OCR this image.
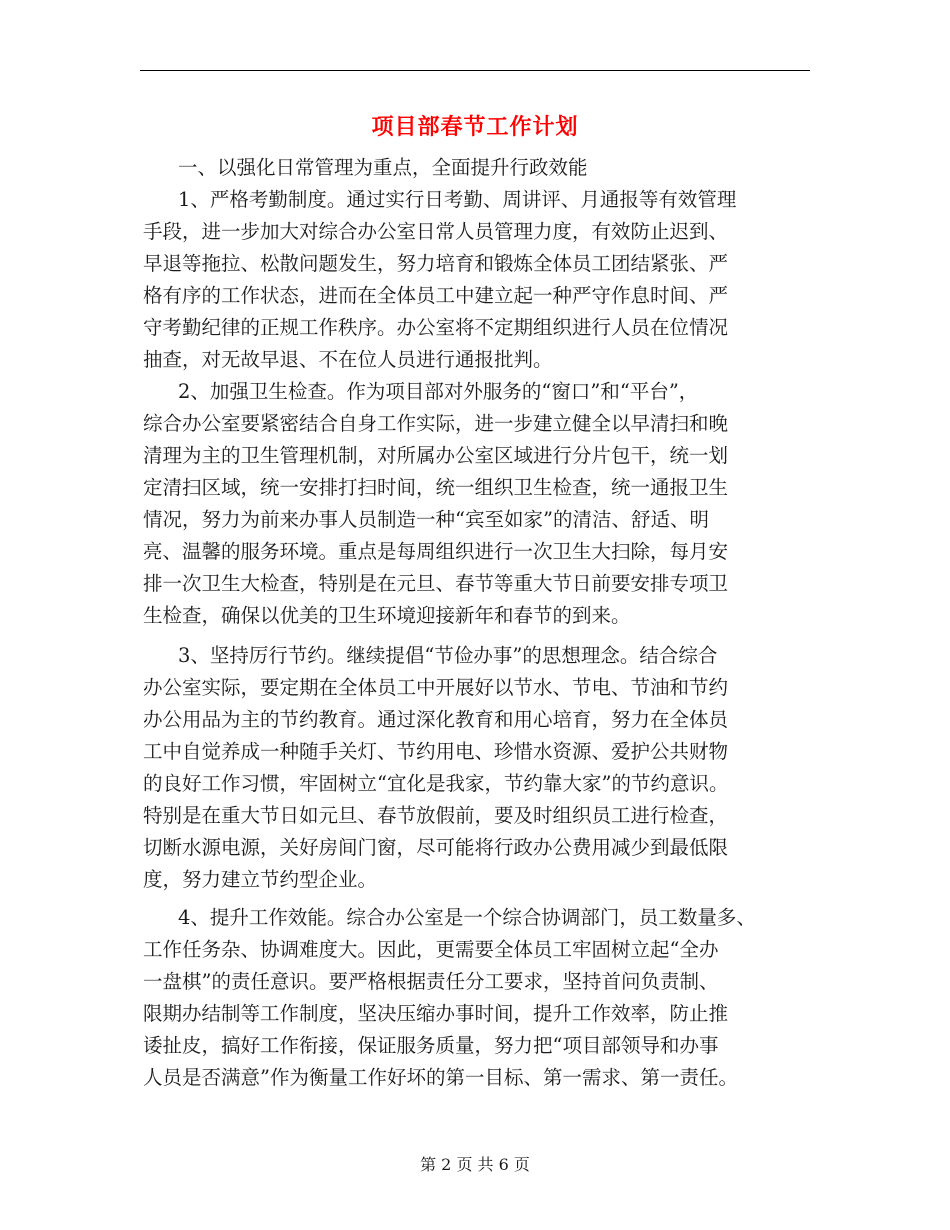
项目部春节工作计划
一、以强化日常管理为重点，全面提升行政效能
1、严格考勤制度。通过实行日考勤、周讲评、月通报等有效管理
手段，进一步加大对综合办公室日常人员管理力度，有效防止迟到、
早退等拖拉、松散问题发生，努力培育和锻炼全体员工团结紧张、严
格有序的工作状态，进而在全体员工中建立起一种严守作息时间、严
守考勤纪律的正规工作秩序。办公室将不定期组织进行人员在位情况
抽查，对无故早退、不在位人员进行通报批判。
2、加强卫生检查。作为项目部对外服务的“窗口”和“平台”，
综合办公室要紧密结合自身工作实际，进一步建立健全以早清扫和晚
清理为主的卫生管理机制，对所属办公室区域进行分片包干，统一划
定清扫区域，统一安排打扫时间，统一组织卫生检查，统一通报卫生
情况，努力为前来办事人员制造一种“宾至如家”的清洁、舒适、明
亮、温馨的服务环境。重点是每周组织进行一次卫生大扫除，每月安
排一次卫生大检查，特别是在元旦、春节等重大节日前要安排专项卫
生检查，确保以优美的卫生环境迎接新年和春节的到来。
3、坚持厉行节约。继续提倡“节俭办事”的思想理念。结合综合
办公室实际，要定期在全体员工中开展好以节水、节电、节油和节约
办公用品为主的节约教育。通过深化教育和用心培育，努力在全体员
工中自觉养成一种随手关灯、节约用电、珍惜水资源、爱护公共财物
的良好工作习惯，牢固树立“宜化是我家，节约靠大家”的节约意识。
特别是在重大节日如元旦、春节放假前，要及时组织员工进行检查，
切断水源电源，关好房间门窗，尽可能将行政办公费用减少到最低限
度，努力建立节约型企业。
4、提升工作效能。综合办公室是一个综合协调部门，员工数量多、
工作任务杂、协调难度大。因此，更需要全体员工牢固树立起“全办
一盘棋”的责任意识。要严格根据责任分工要求，坚持首问负责制、
限期办结制等工作制度，坚决压缩办事时间，提升工作效率，防止推
诿扯皮，搞好工作衔接，保证服务质量，努力把“项目部领导和办事
人员是否满意”作为衡量工作好坏的第一目标、第一需求、第一责任。
第 2 页 共 6 页
